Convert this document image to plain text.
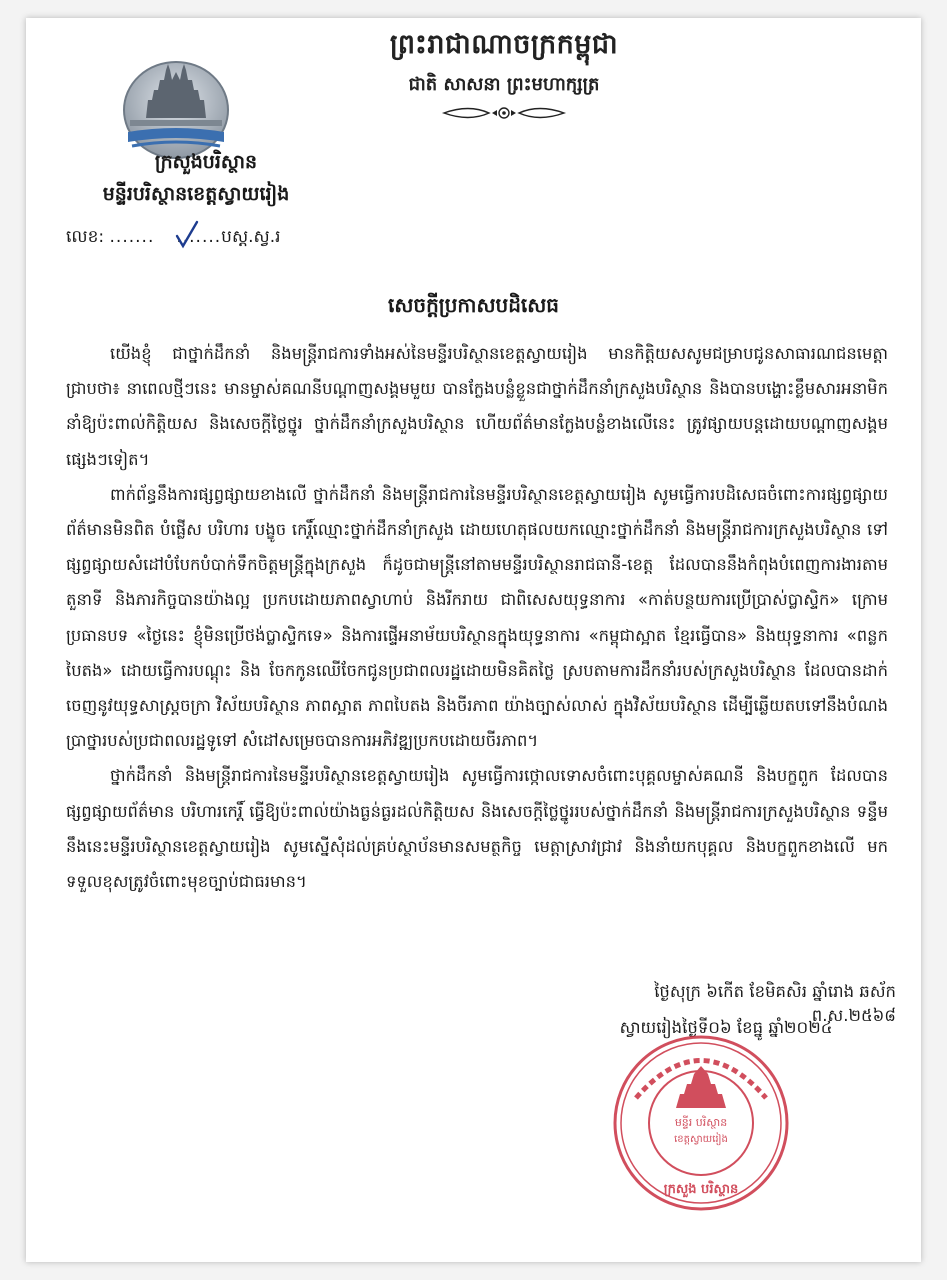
ព្រះរាជាណាចក្រកម្ពុជា
ជាតិ សាសនា ព្រះមហាក្សត្រ
ក្រសួងបរិស្ថាន
មន្ទីរបរិស្ថានខេត្តស្វាយរៀង
លេខ: ....... .......បស្ត.ស្វ.រ
សេចក្ដីប្រកាសបដិសេធ

យើងខ្ញុំ ជាថ្នាក់ដឹកនាំ និងមន្ត្រីរាជការទាំងអស់នៃមន្ទីរបរិស្ថានខេត្តស្វាយរៀង មានកិត្តិយសសូមជម្រាបជូនសាធារណជនមេត្តាជ្រាបថា៖ នាពេលថ្មីៗនេះ មានម្ចាស់គណនីបណ្ដាញសង្គមមួយ បានក្លែងបន្លំខ្លួនជាថ្នាក់ដឹកនាំក្រសួងបរិស្ថាន និងបានបង្ហោះខ្លឹមសារអនាមិក នាំឱ្យប៉ះពាល់កិត្តិយស និងសេចក្ដីថ្លៃថ្នូរ ថ្នាក់ដឹកនាំក្រសួងបរិស្ថាន ហើយព័ត៌មានក្លែងបន្លំខាងលើនេះ ត្រូវផ្សាយបន្តដោយបណ្ដាញសង្គមផ្សេងៗទៀត។

ពាក់ព័ន្ធនឹងការផ្សព្វផ្សាយខាងលើ ថ្នាក់ដឹកនាំ និងមន្ត្រីរាជការនៃមន្ទីរបរិស្ថានខេត្តស្វាយរៀង សូមធ្វើការបដិសេធចំពោះការផ្សព្វផ្សាយព័ត៌មានមិនពិត បំផ្លើស បរិហារ បង្ខូច កេរ្តិ៍ឈ្មោះថ្នាក់ដឹកនាំក្រសួង ដោយហេតុផលយកឈ្មោះថ្នាក់ដឹកនាំ និងមន្ត្រីរាជការក្រសួងបរិស្ថាន ទៅផ្សព្វផ្សាយសំដៅបំបែកបំបាក់ទឹកចិត្តមន្ត្រីក្នុងក្រសួង ក៏ដូចជាមន្ត្រីនៅតាមមន្ទីរបរិស្ថានរាជធានី-ខេត្ត ដែលបាននឹងកំពុងបំពេញការងារតាមតួនាទី និងភារកិច្ចបានយ៉ាងល្អ ប្រកបដោយភាពស្វាហាប់ និងរីករាយ ជាពិសេសយុទ្ធនាការ «កាត់បន្ថយការប្រើប្រាស់ប្លាស្ទិក» ក្រោមប្រធានបទ «ថ្ងៃនេះ ខ្ញុំមិនប្រើថង់ប្លាស្ទិកទេ» និងការផ្ទើអនាម័យបរិស្ថានក្នុងយុទ្ធនាការ «កម្ពុជាស្អាត ខ្មែរធ្វើបាន» និងយុទ្ធនាការ «ពន្លកបៃតង» ដោយធ្វើការបណ្ដុះ និង ចែកកូនឈើចែកជូនប្រជាពលរដ្ឋដោយមិនគិតថ្លៃ ស្របតាមការដឹកនាំរបស់ក្រសួងបរិស្ថាន ដែលបានដាក់ចេញនូវយុទ្ធសាស្ត្រចក្រា វិស័យបរិស្ថាន ភាពស្អាត ភាពបៃតង និងចីរភាព យ៉ាងច្បាស់លាស់ ក្នុងវិស័យបរិស្ថាន ដើម្បីឆ្លើយតបទៅនឹងបំណងប្រាថ្នារបស់ប្រជាពលរដ្ឋទូទៅ សំដៅសម្រេចបានការអភិវឌ្ឍប្រកបដោយចីរភាព។

ថ្នាក់ដឹកនាំ និងមន្ត្រីរាជការនៃមន្ទីរបរិស្ថានខេត្តស្វាយរៀង សូមធ្វើការថ្កោលទោសចំពោះបុគ្គលម្ចាស់គណនី និងបក្ខពួក ដែលបានផ្សព្វផ្សាយព័ត៌មាន បរិហារកេរ្តិ៍ ធ្វើឱ្យប៉ះពាល់យ៉ាងធ្ងន់ធ្ងរដល់កិត្តិយស និងសេចក្ដីថ្លៃថ្នូររបស់ថ្នាក់ដឹកនាំ និងមន្ត្រីរាជការក្រសួងបរិស្ថាន ទន្ទឹមនឹងនេះមន្ទីរបរិស្ថានខេត្តស្វាយរៀង សូមស្នើសុំដល់គ្រប់ស្ថាប័នមានសមត្ថកិច្ច មេត្តាស្រាវជ្រាវ និងនាំយកបុគ្គល និងបក្ខពួកខាងលើ មកទទួលខុសត្រូវចំពោះមុខច្បាប់ជាធរមាន។

ថ្ងៃសុក្រ ៦កើត ខែមិគសិរ ឆ្នាំរោង ឆស័ក ព.ស.២៥៦៨
ស្វាយរៀងថ្ងៃទី០៦ ខែធ្នូ ឆ្នាំ២០២៤
មន្ទីរ បរិស្ថាន
ខេត្តស្វាយរៀង
ក្រសួង បរិស្ថាន
